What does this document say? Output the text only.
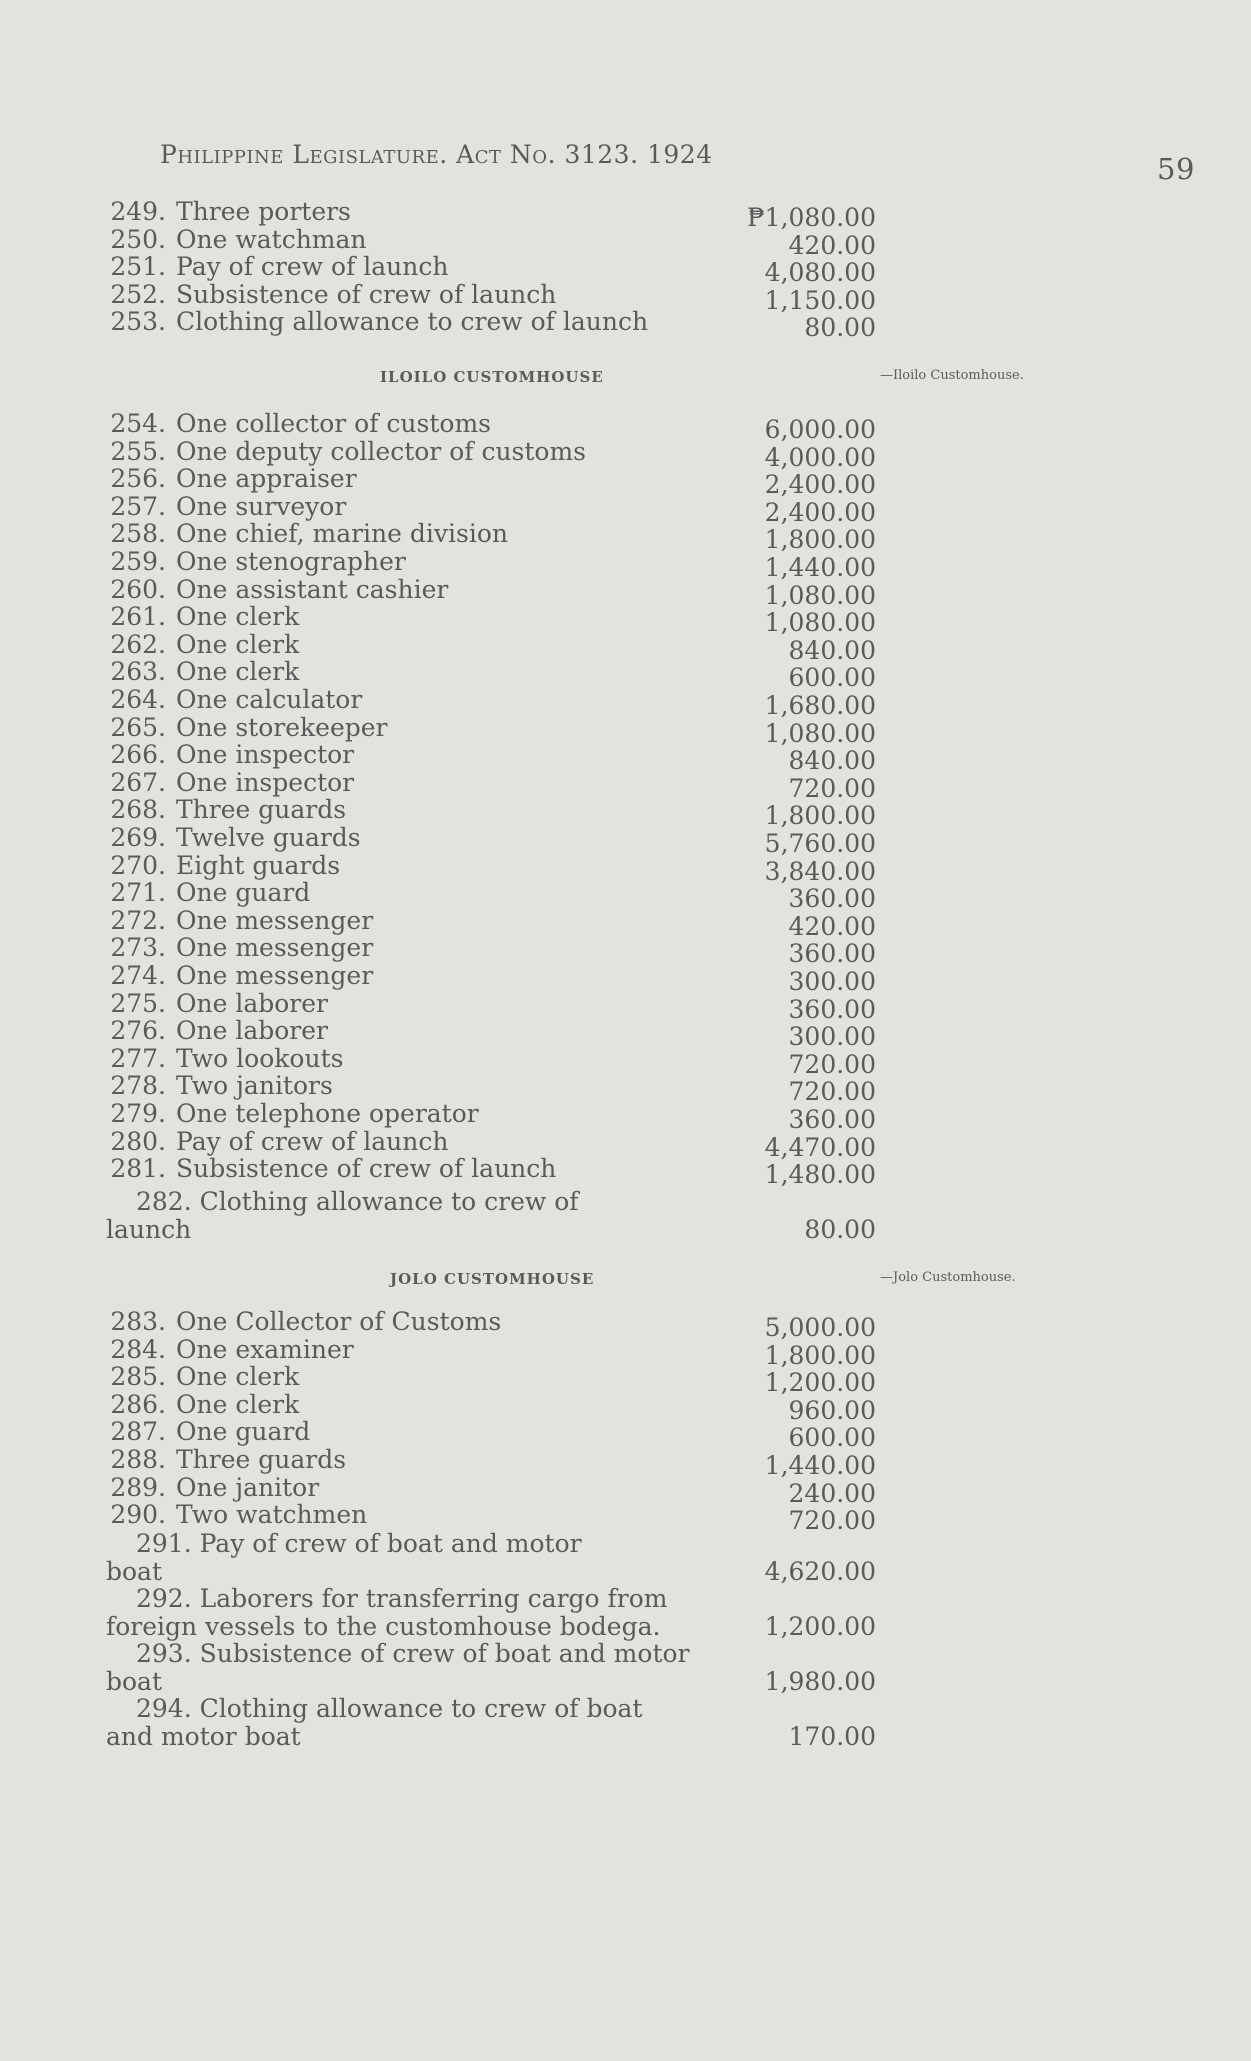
Philippine Legislature. Act No. 3123. 1924	59
249. Three porters	₱1,080.00
250. One watchman	420.00
251. Pay of crew of launch	4,080.00
252. Subsistence of crew of launch	1,150.00
253. Clothing allowance to crew of launch	80.00
ILOILO CUSTOMHOUSE	—Iloilo Customhouse.
254. One collector of customs	6,000.00
255. One deputy collector of customs	4,000.00
256. One appraiser	2,400.00
257. One surveyor	2,400.00
258. One chief, marine division	1,800.00
259. One stenographer	1,440.00
260. One assistant cashier	1,080.00
261. One clerk	1,080.00
262. One clerk	840.00
263. One clerk	600.00
264. One calculator	1,680.00
265. One storekeeper	1,080.00
266. One inspector	840.00
267. One inspector	720.00
268. Three guards	1,800.00
269. Twelve guards	5,760.00
270. Eight guards	3,840.00
271. One guard	360.00
272. One messenger	420.00
273. One messenger	360.00
274. One messenger	300.00
275. One laborer	360.00
276. One laborer	300.00
277. Two lookouts	720.00
278. Two janitors	720.00
279. One telephone operator	360.00
280. Pay of crew of launch	4,470.00
281. Subsistence of crew of launch	1,480.00
282. Clothing allowance to crew of
launch	80.00
JOLO CUSTOMHOUSE	—Jolo Customhouse.
283. One Collector of Customs	5,000.00
284. One examiner	1,800.00
285. One clerk	1,200.00
286. One clerk	960.00
287. One guard	600.00
288. Three guards	1,440.00
289. One janitor	240.00
290. Two watchmen	720.00
291. Pay of crew of boat and motor
boat	4,620.00
292. Laborers for transferring cargo from
foreign vessels to the customhouse bodega.	1,200.00
293. Subsistence of crew of boat and motor
boat	1,980.00
294. Clothing allowance to crew of boat
and motor boat	170.00
